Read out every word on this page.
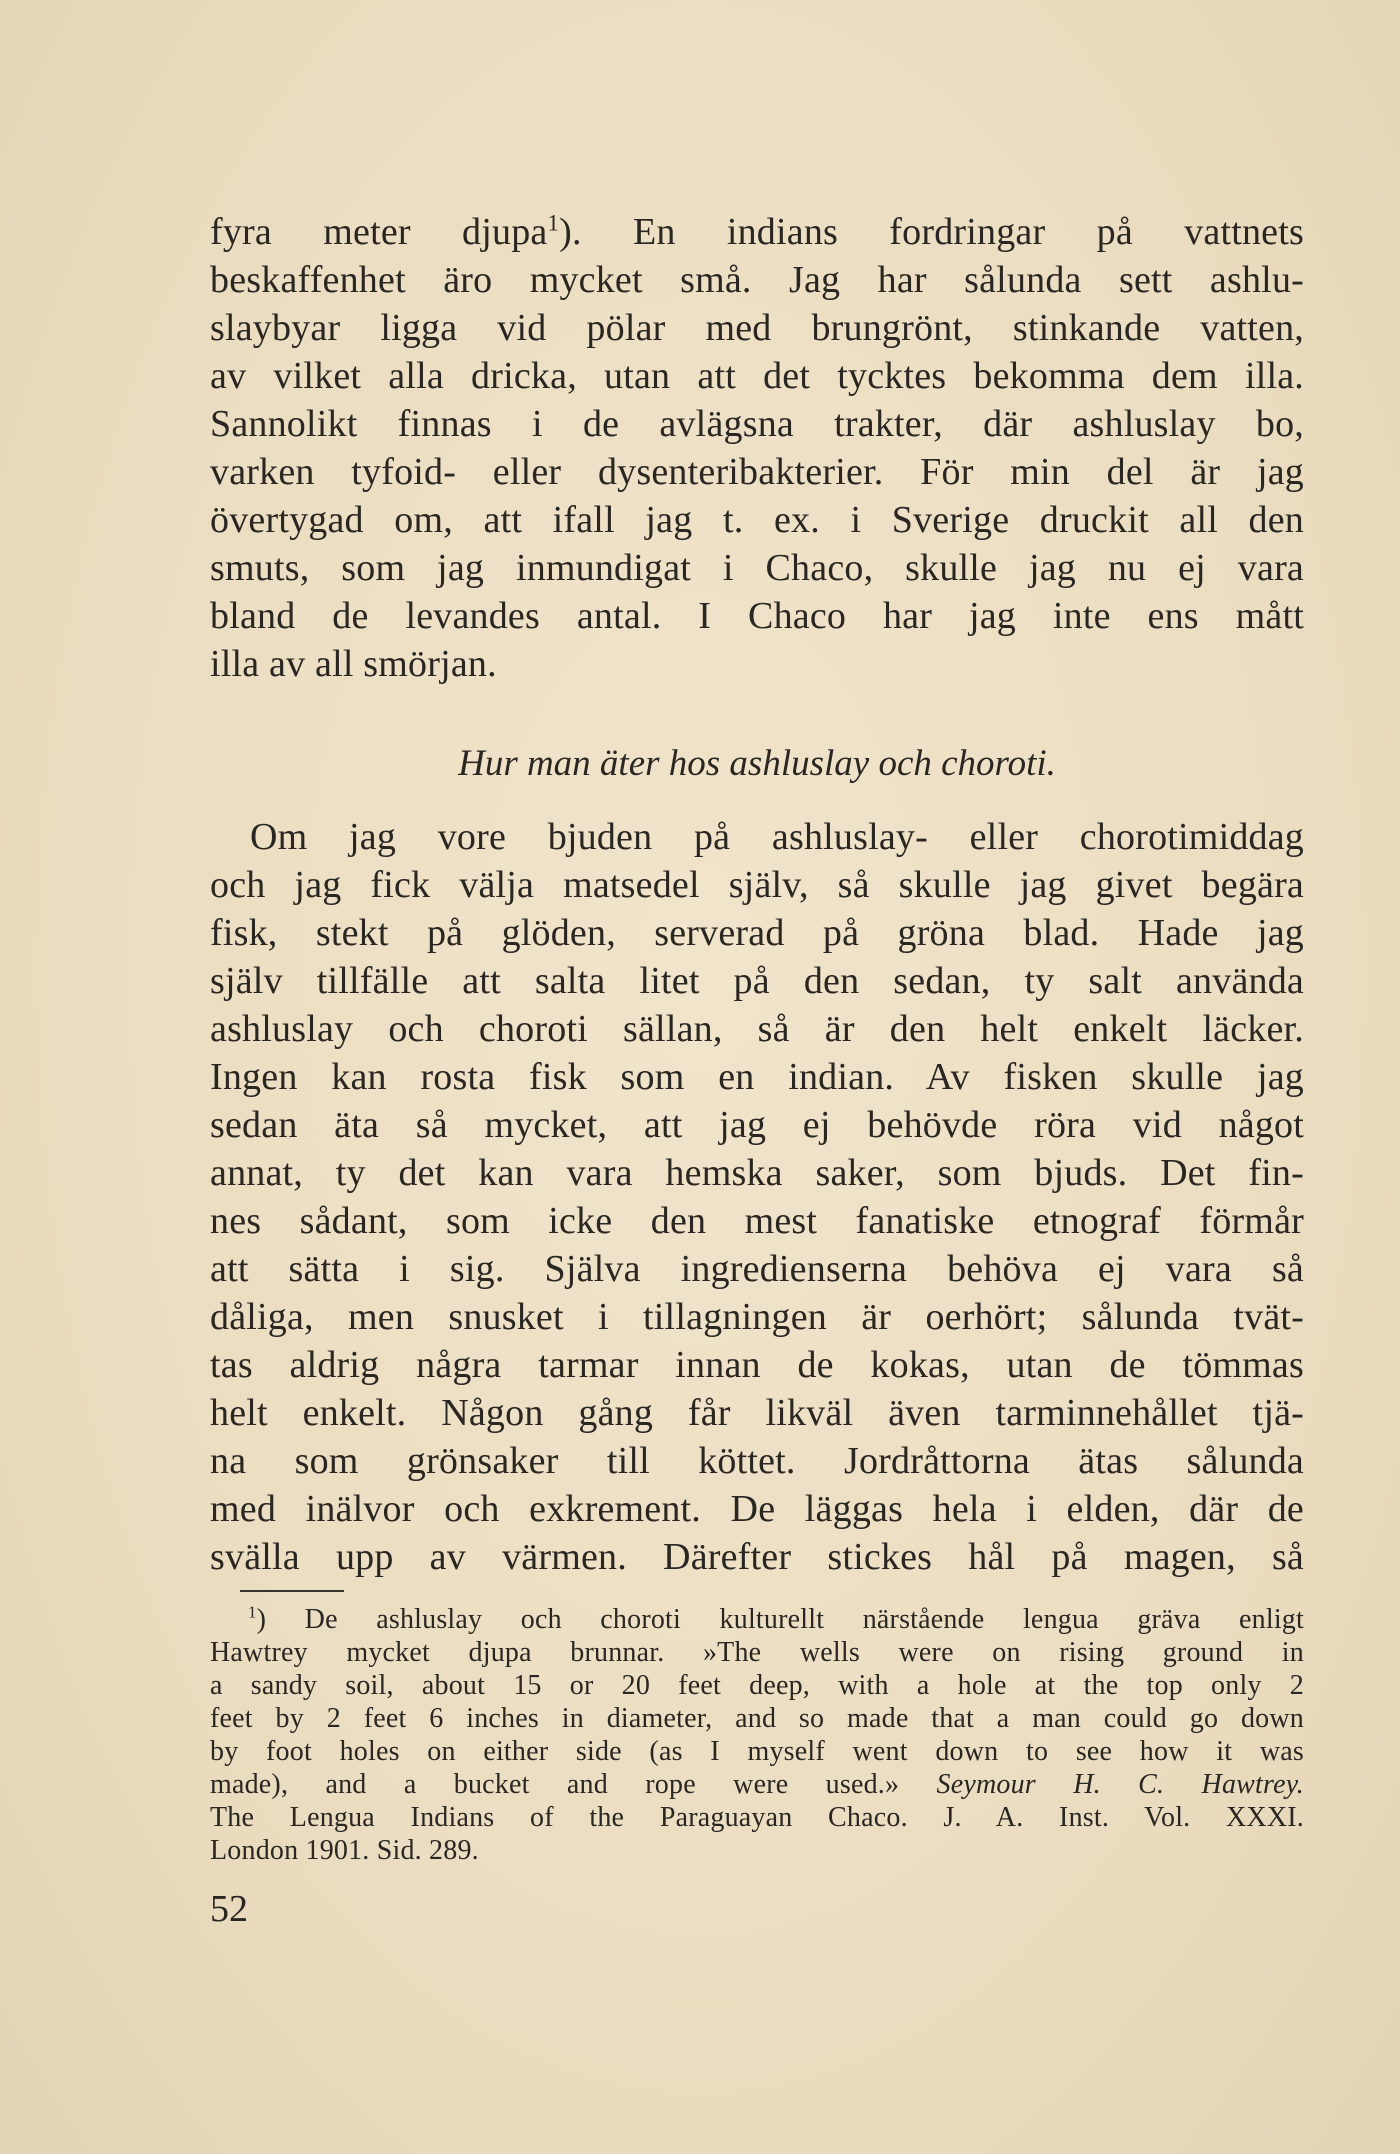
fyra meter djupa$^1$). En indians fordringar på vattnets
beskaffenhet äro mycket små. Jag har sålunda sett ashlu-
slaybyar ligga vid pölar med brungrönt, stinkande vatten,
av vilket alla dricka, utan att det tycktes bekomma dem illa.
Sannolikt finnas i de avlägsna trakter, där ashluslay bo,
varken tyfoid- eller dysenteribakterier. För min del är jag
övertygad om, att ifall jag t. ex. i Sverige druckit all den
smuts, som jag inmundigat i Chaco, skulle jag nu ej vara
bland de levandes antal. I Chaco har jag inte ens mått
illa av all smörjan.
Hur man äter hos ashluslay och choroti.
Om jag vore bjuden på ashluslay- eller chorotimiddag
och jag fick välja matsedel själv, så skulle jag givet begära
fisk, stekt på glöden, serverad på gröna blad. Hade jag
själv tillfälle att salta litet på den sedan, ty salt använda
ashluslay och choroti sällan, så är den helt enkelt läcker.
Ingen kan rosta fisk som en indian. Av fisken skulle jag
sedan äta så mycket, att jag ej behövde röra vid något
annat, ty det kan vara hemska saker, som bjuds. Det fin-
nes sådant, som icke den mest fanatiske etnograf förmår
att sätta i sig. Själva ingredienserna behöva ej vara så
dåliga, men snusket i tillagningen är oerhört; sålunda tvät-
tas aldrig några tarmar innan de kokas, utan de tömmas
helt enkelt. Någon gång får likväl även tarminnehållet tjä-
na som grönsaker till köttet. Jordråttorna ätas sålunda
med inälvor och exkrement. De läggas hela i elden, där de
svälla upp av värmen. Därefter stickes hål på magen, så
$^1$) De ashluslay och choroti kulturellt närstående lengua gräva enligt
Hawtrey mycket djupa brunnar. »The wells were on rising ground in
a sandy soil, about 15 or 20 feet deep, with a hole at the top only 2
feet by 2 feet 6 inches in diameter, and so made that a man could go down
by foot holes on either side (as I myself went down to see how it was
made), and a bucket and rope were used.» Seymour H. C. Hawtrey.
The Lengua Indians of the Paraguayan Chaco. J. A. Inst. Vol. XXXI.
London 1901. Sid. 289.
52
